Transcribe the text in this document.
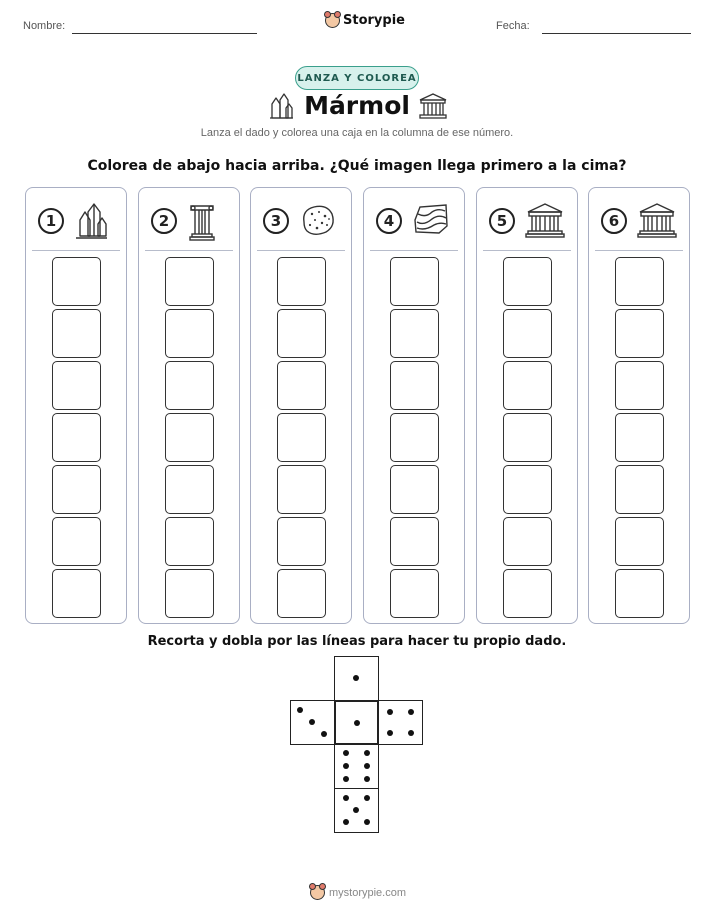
Nombre:	Storypie	Fecha:
LANZA Y COLOREA
Mármol
Lanza el dado y colorea una caja en la columna de ese número.
Colorea de abajo hacia arriba. ¿Qué imagen llega primero a la cima?
1	2	3	4	5	6
Recorta y dobla por las líneas para hacer tu propio dado.
mystorypie.com
